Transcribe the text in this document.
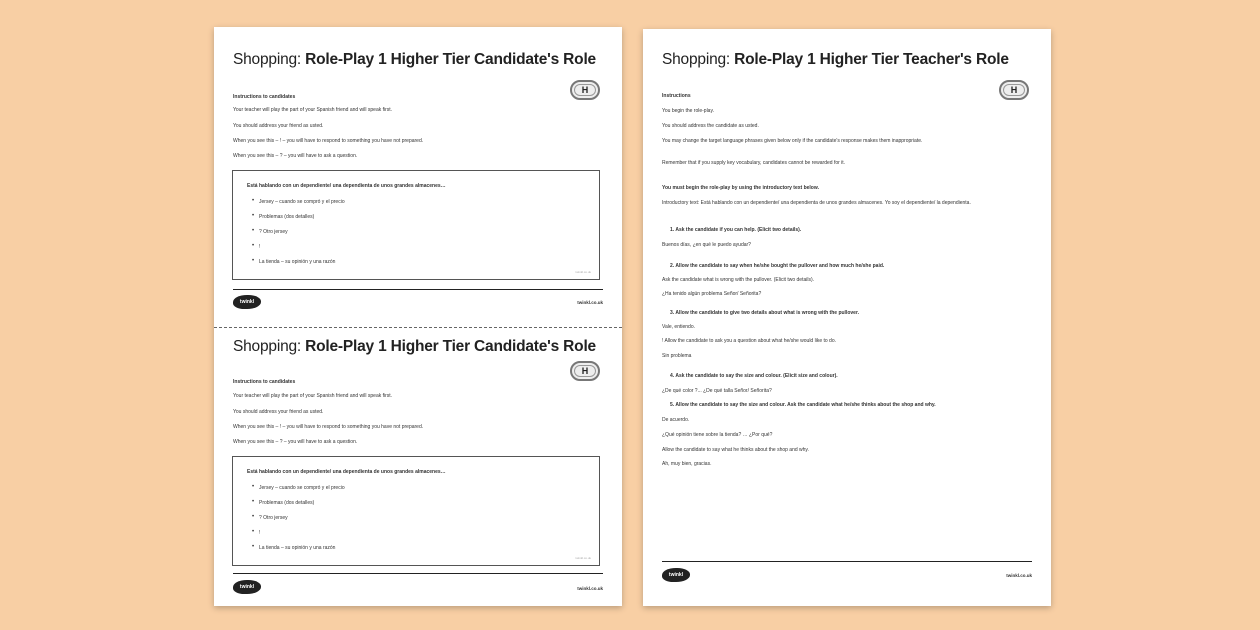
Shopping: Role-Play 1 Higher Tier Candidate's Role
H
Instructions to candidates
Your teacher will play the part of your Spanish friend and will speak first.
You should address your friend as usted.
When you see this – ! – you will have to respond to something you have not prepared.
When you see this – ? – you will have to ask a question.
Está hablando con un dependiente/ una dependienta de unos grandes almacenes…
• Jersey – cuando se compró y el precio
• Problemas (dos detalles)
• ? Otro jersey
• !
• La tienda – su opinión y una razón
twinkl.co.uk
twinkl	twinkl.co.uk
Shopping: Role-Play 1 Higher Tier Candidate's Role
H
Instructions to candidates
Your teacher will play the part of your Spanish friend and will speak first.
You should address your friend as usted.
When you see this – ! – you will have to respond to something you have not prepared.
When you see this – ? – you will have to ask a question.
Está hablando con un dependiente/ una dependienta de unos grandes almacenes…
• Jersey – cuando se compró y el precio
• Problemas (dos detalles)
• ? Otro jersey
• !
• La tienda – su opinión y una razón
twinkl.co.uk
twinkl	twinkl.co.uk
Shopping: Role-Play 1 Higher Tier Teacher's Role
H
Instructions
You begin the role-play.
You should address the candidate as usted.
You may change the target language phrases given below only if the candidate's response makes them inappropriate.
Remember that if you supply key vocabulary, candidates cannot be rewarded for it.
You must begin the role-play by using the introductory text below.
Introductory text: Está hablando con un dependiente/ una dependienta de unos grandes almacenes. Yo soy el dependiente/ la dependienta.
1. Ask the candidate if you can help. (Elicit two details).
Buenos días, ¿en qué le puedo ayudar?
2. Allow the candidate to say when he/she bought the pullover and how much he/she paid.
Ask the candidate what is wrong with the pullover. (Elicit two details).
¿Ha tenido algún problema Señor/ Señorita?
3. Allow the candidate to give two details about what is wrong with the pullover.
Vale, entiendo.
! Allow the candidate to ask you a question about what he/she would like to do.
Sin problema
4. Ask the candidate to say the size and colour. (Elicit size and colour).
¿De qué color ?... ¿De qué talla Señor/ Señorita?
5. Allow the candidate to say the size and colour. Ask the candidate what he/she thinks about the shop and why.
De acuerdo.
¿Qué opinión tiene sobre la tienda? … ¿Por qué?
Allow the candidate to say what he thinks about the shop and why.
Ah, muy bien, gracias.
twinkl	twinkl.co.uk
